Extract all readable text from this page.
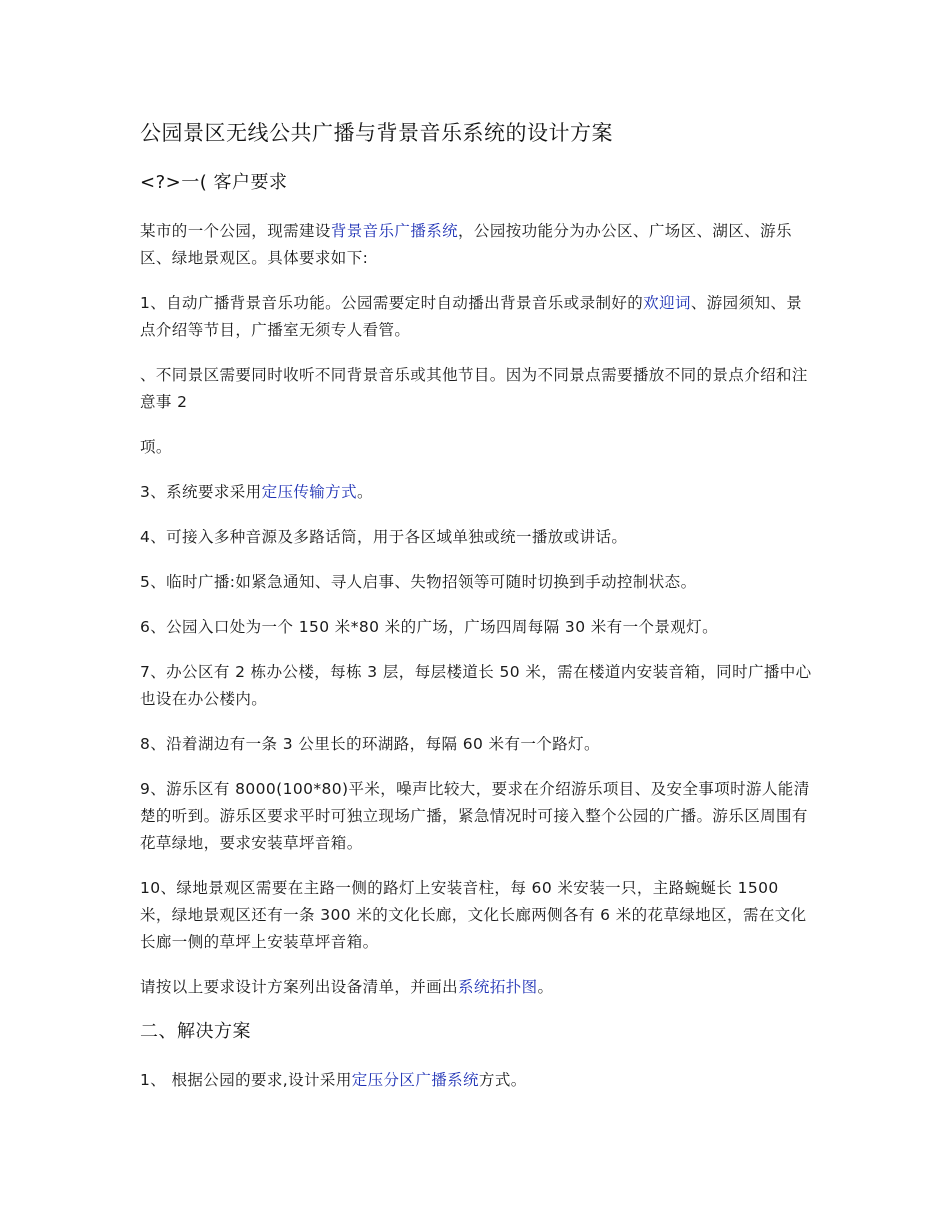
公园景区无线公共广播与背景音乐系统的设计方案
<?>一( 客户要求

某市的一个公园，现需建设背景音乐广播系统，公园按功能分为办公区、广场区、湖区、游乐区、绿地景观区。具体要求如下:

1、自动广播背景音乐功能。公园需要定时自动播出背景音乐或录制好的欢迎词、游园须知、景点介绍等节目，广播室无须专人看管。

、不同景区需要同时收听不同背景音乐或其他节目。因为不同景点需要播放不同的景点介绍和注意事 2

项。

3、系统要求采用定压传输方式。

4、可接入多种音源及多路话筒，用于各区域单独或统一播放或讲话。

5、临时广播:如紧急通知、寻人启事、失物招领等可随时切换到手动控制状态。

6、公园入口处为一个 150 米*80 米的广场，广场四周每隔 30 米有一个景观灯。

7、办公区有 2 栋办公楼，每栋 3 层，每层楼道长 50 米，需在楼道内安装音箱，同时广播中心也设在办公楼内。

8、沿着湖边有一条 3 公里长的环湖路，每隔 60 米有一个路灯。

9、游乐区有 8000(100*80)平米，噪声比较大，要求在介绍游乐项目、及安全事项时游人能清楚的听到。游乐区要求平时可独立现场广播，紧急情况时可接入整个公园的广播。游乐区周围有花草绿地，要求安装草坪音箱。

10、绿地景观区需要在主路一侧的路灯上安装音柱，每 60 米安装一只，主路蜿蜒长 1500 米，绿地景观区还有一条 300 米的文化长廊，文化长廊两侧各有 6 米的花草绿地区，需在文化长廊一侧的草坪上安装草坪音箱。

请按以上要求设计方案列出设备清单，并画出系统拓扑图。

二、解决方案

1、 根据公园的要求,设计采用定压分区广播系统方式。
